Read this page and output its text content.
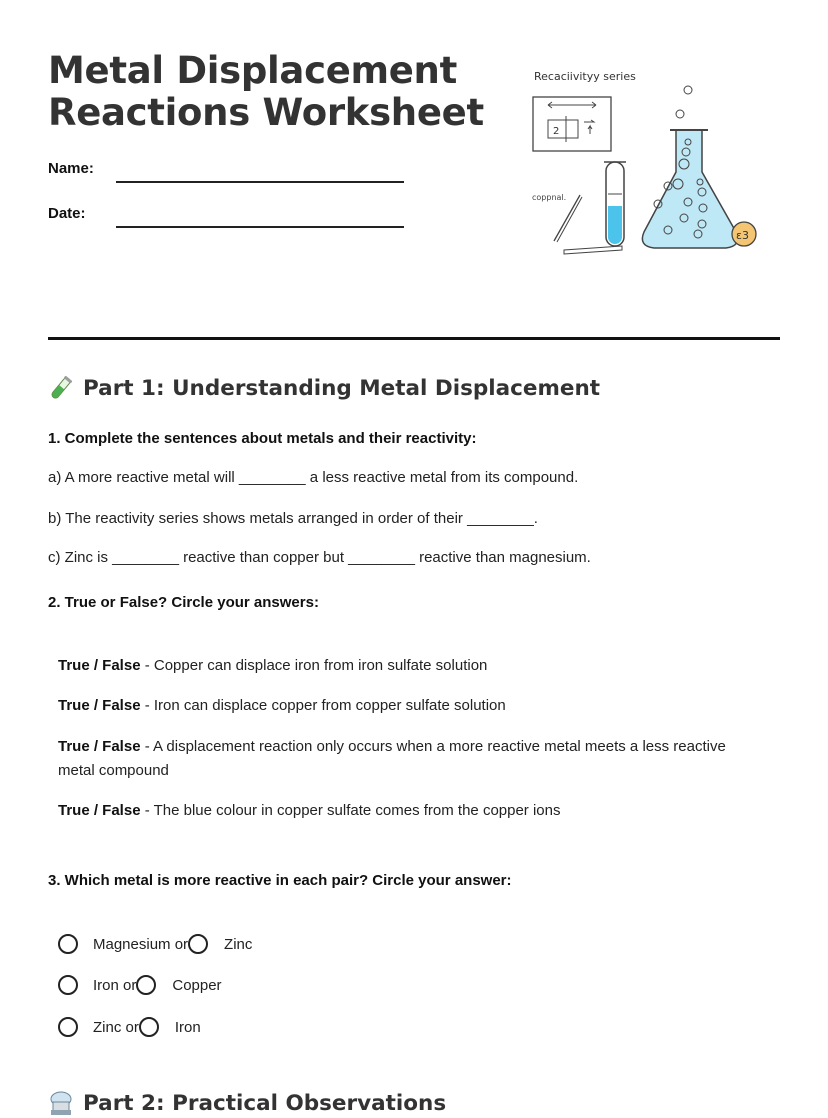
Metal Displacement
Reactions Worksheet
Name:
Date:
Recaciivityy series
2
coppnal.
ɛ3
Part 1: Understanding Metal Displacement
1. Complete the sentences about metals and their reactivity:
a) A more reactive metal will ________ a less reactive metal from its compound.
b) The reactivity series shows metals arranged in order of their ________.
c) Zinc is ________ reactive than copper but ________ reactive than magnesium.
2. True or False? Circle your answers:
True / False - Copper can displace iron from iron sulfate solution
True / False - Iron can displace copper from copper sulfate solution
True / False - A displacement reaction only occurs when a more reactive metal meets a less reactive metal compound
True / False - The blue colour in copper sulfate comes from the copper ions
3. Which metal is more reactive in each pair? Circle your answer:
Magnesium or Zinc
Iron or Copper
Zinc or Iron
Part 2: Practical Observations
